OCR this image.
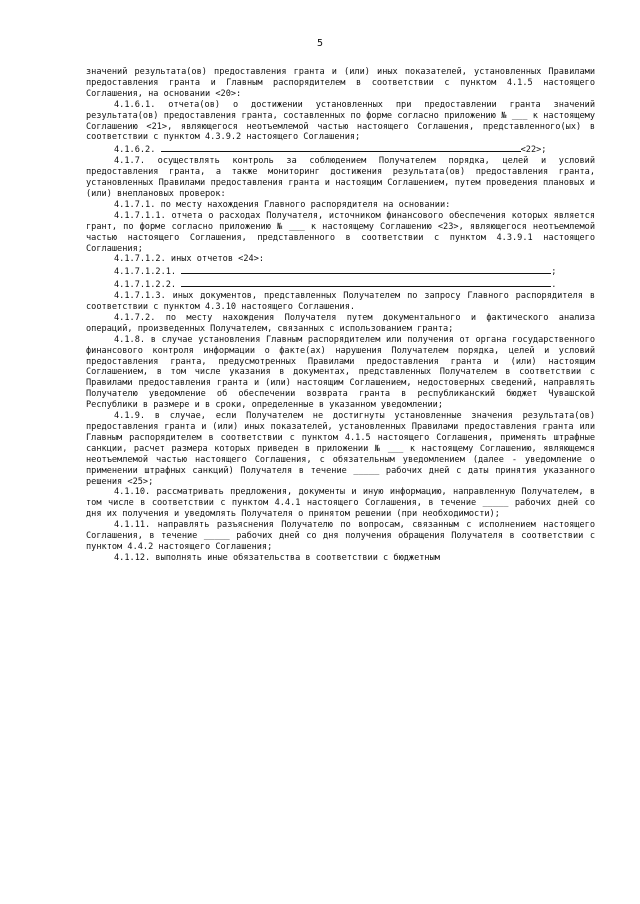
5

значений результата(ов) предоставления гранта и (или) иных показателей, установленных Правилами предоставления гранта и Главным распорядителем в соответствии с пунктом 4.1.5 настоящего Соглашения, на основании <20>:

4.1.6.1. отчета(ов) о достижении установленных при предоставлении гранта значений результата(ов) предоставления гранта, составленных по форме согласно приложению № ___ к настоящему Соглашению <21>, являющегося неотъемлемой частью настоящего Соглашения, представленного(ых) в соответствии с пунктом 4.3.9.2 настоящего Соглашения;

4.1.6.2.	<22>;

4.1.7. осуществлять контроль за соблюдением Получателем порядка, целей и условий предоставления гранта, а также мониторинг достижения результата(ов) предоставления гранта, установленных Правилами предоставления гранта и настоящим Соглашением, путем проведения плановых и (или) внеплановых проверок:

4.1.7.1. по месту нахождения Главного распорядителя на основании:

4.1.7.1.1. отчета о расходах Получателя, источником финансового обеспечения которых является грант, по форме согласно приложению № ___ к настоящему Соглашению <23>, являющегося неотъемлемой частью настоящего Соглашения, представленного в соответствии с пунктом 4.3.9.1 настоящего Соглашения;

4.1.7.1.2. иных отчетов <24>:

4.1.7.1.2.1.	;

4.1.7.1.2.2.	.

4.1.7.1.3. иных документов, представленных Получателем по запросу Главного распорядителя в соответствии с пунктом 4.3.10 настоящего Соглашения.

4.1.7.2. по месту нахождения Получателя путем документального и фактического анализа операций, произведенных Получателем, связанных с использованием гранта;

4.1.8. в случае установления Главным распорядителем или получения от органа государственного финансового контроля информации о факте(ах) нарушения Получателем порядка, целей и условий предоставления гранта, предусмотренных Правилами предоставления гранта и (или) настоящим Соглашением, в том числе указания в документах, представленных Получателем в соответствии с Правилами предоставления гранта и (или) настоящим Соглашением, недостоверных сведений, направлять Получателю уведомление об обеспечении возврата гранта в республиканский бюджет Чувашской Республики в размере и в сроки, определенные в указанном уведомлении;

4.1.9. в случае, если Получателем не достигнуты установленные значения результата(ов) предоставления гранта и (или) иных показателей, установленных Правилами предоставления гранта или Главным распорядителем в соответствии с пунктом 4.1.5 настоящего Соглашения, применять штрафные санкции, расчет размера которых приведен в приложении № ___ к настоящему Соглашению, являющемся неотъемлемой частью настоящего Соглашения, с обязательным уведомлением (далее - уведомление о применении штрафных санкций) Получателя в течение _____ рабочих дней с даты принятия указанного решения <25>;

4.1.10. рассматривать предложения, документы и иную информацию, направленную Получателем, в том числе в соответствии с пунктом 4.4.1 настоящего Соглашения, в течение _____ рабочих дней со дня их получения и уведомлять Получателя о принятом решении (при необходимости);

4.1.11. направлять разъяснения Получателю по вопросам, связанным с исполнением настоящего Соглашения, в течение _____ рабочих дней со дня получения обращения Получателя в соответствии с пунктом 4.4.2 настоящего Соглашения;

4.1.12. выполнять иные обязательства в соответствии с бюджетным
